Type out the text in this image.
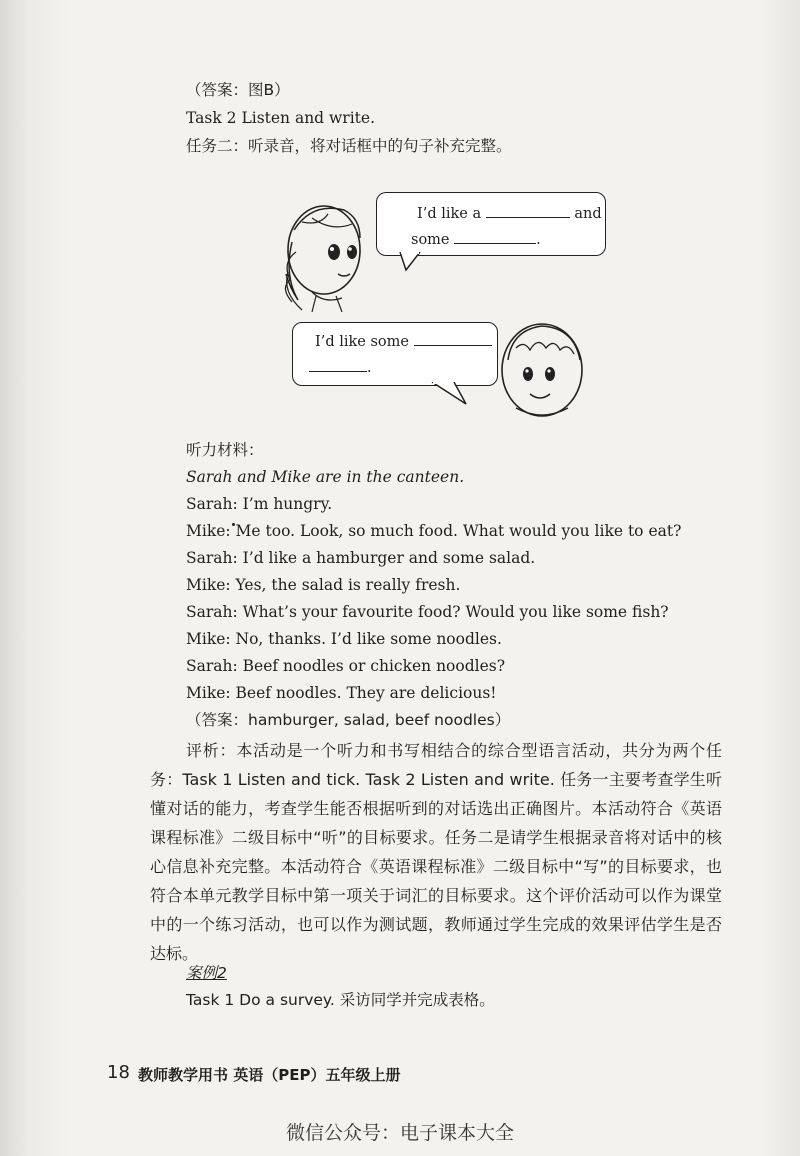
（答案：图B）
Task 2 Listen and write.
任务二：听录音，将对话框中的句子补充完整。
I’d like a	and
some	.
I’d like some
.
听力材料：
Sarah and Mike are in the canteen.
Sarah: I’m hungry.
Mike: Me too. Look, so much food. What would you like to eat?
Sarah: I’d like a hamburger and some salad.
Mike: Yes, the salad is really fresh.
Sarah: What’s your favourite food? Would you like some fish?
Mike: No, thanks. I’d like some noodles.
Sarah: Beef noodles or chicken noodles?
Mike: Beef noodles. They are delicious!
（答案：hamburger, salad, beef noodles）
评析：本活动是一个听力和书写相结合的综合型语言活动，共分为两个任务：Task 1 Listen and tick. Task 2 Listen and write. 任务一主要考查学生听懂对话的能力，考查学生能否根据听到的对话选出正确图片。本活动符合《英语课程标准》二级目标中“听”的目标要求。任务二是请学生根据录音将对话中的核心信息补充完整。本活动符合《英语课程标准》二级目标中“写”的目标要求，也符合本单元教学目标中第一项关于词汇的目标要求。这个评价活动可以作为课堂中的一个练习活动，也可以作为测试题，教师通过学生完成的效果评估学生是否达标。
案例2
Task 1 Do a survey. 采访同学并完成表格。
18 教师教学用书 英语（PEP）五年级上册
微信公众号：电子课本大全
